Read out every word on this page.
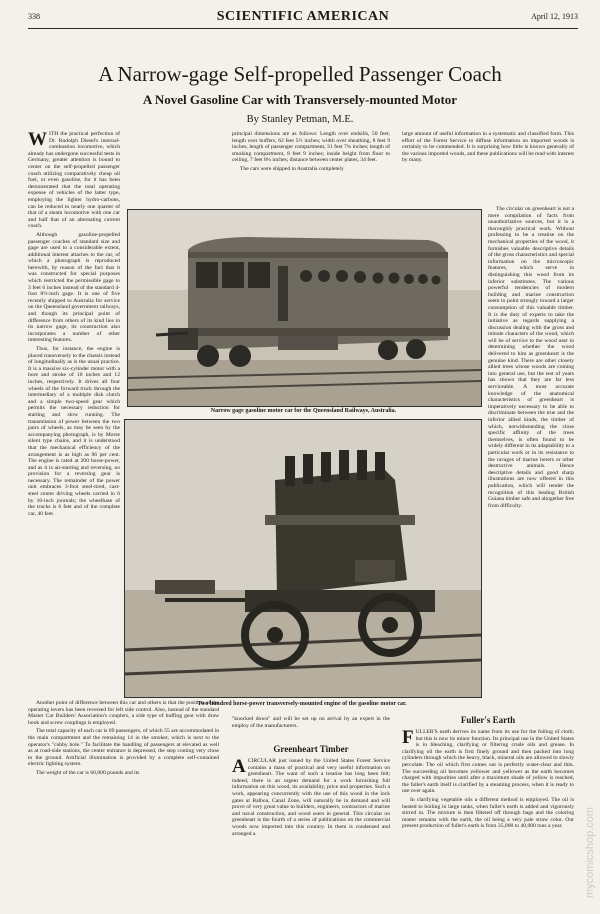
338	SCIENTIFIC AMERICAN	April 12, 1913
A Narrow-gage Self-propelled Passenger Coach
A Novel Gasoline Car with Transversely-mounted Motor
By Stanley Petman, M.E.

WITH the practical perfection of Dr. Rudolph Diesel's internal-combustion locomotive, which already has undergone successful tests in Germany, greater attention is bound to center on the self-propelled passenger coach utilizing comparatively cheap oil fuel, or even gasoline, for it has been demonstrated that the total operating expense of vehicles of the latter type, employing the lighter hydro-carbons, can be reduced to nearly one quarter of that of a steam locomotive with one car and half that of an alternating current coach.

Although gasoline-propelled passenger coaches of standard size and gage are used to a considerable extent, additional interest attaches to the car, of which a photograph is reproduced herewith, by reason of the fact that it was constructed for special purposes which restricted the permissible gage to 3 feet 6 inches instead of the standard 4-foot 8½-inch gage. It is one of five recently shipped to Australia for service on the Queensland government railways, and though its principal point of difference from others of its kind lies in its narrow gage, its construction also incorporates a number of other interesting features.

Thus, for instance, the engine is placed transversely to the chassis instead of longitudinally as is the usual practice. It is a massive six-cylinder motor with a bore and stroke of 10 inches and 12 inches, respectively. It drives all four wheels of the forward truck through the intermediary of a multiple disk clutch and a simple two-speed gear which permits the necessary reduction for starting and slow running. The transmission of power between the two pairs of wheels, as may be seen by the accompanying photograph, is by Morse silent type chains, and it is understood that the mechanical efficiency of the arrangement is as high as 96 per cent. The engine is rated at 200 horse-power, and as it is air-starting and reversing, no provision for a reversing gear is necessary. The remainder of the power unit embraces 3-foot steel-tired, cast-steel center driving wheels carried in 6 by 10-inch journals; the wheelbase of the trucks is 6 feet and of the complete car, 40 feet.

Another point of difference between this car and others is that the position of the operating levers has been reversed for left side control. Also, instead of the standard Master Car Builders' Association's couplers, a side type of buffing gear with draw hook and screw couplings is employed.

The total capacity of each car is 69 passengers, of which 55 are accommodated in the main compartment and the remaining 14 in the smoker, which is next to the operator's "cubby hole." To facilitate the handling of passengers at elevated as well as at road-side stations, the center entrance is depressed, the step coming very close to the ground. Artificial illumination is provided by a complete self-contained electric lighting system.

The weight of the car is 60,000 pounds and its

principal dimensions are as follows: Length over endsills, 50 feet; length over buffers, 62 feet 5½ inches; width over sheathing, 8 feet 9 inches; length of passenger compartment, 31 feet 7¾ inches; length of smoking compartment, 8 feet 9 inches; inside height from floor to ceiling, 7 feet 8¼ inches; distance between center plates, 34 feet.

The cars were shipped to Australia completely

large amount of useful information in a systematic and classified form. This effort of the Forest Service to diffuse information on imported woods is certainly to be commended. It is surprising how little is known generally of the various imported woods, and these publications will be read with interest by many.

The circular on greenheart is not a mere compilation of facts from unauthoritative sources, but it is a thoroughly practical work. Without professing to be a treatise on the mechanical properties of the wood, it furnishes valuable descriptive details of the gross characteristics and special information on the microscopic features, which serve in distinguishing this wood from its inferior substitutes. The various powerful tendencies of modern building and marine construction seem to point strongly toward a larger consumption of this valuable timber. It is the duty of experts to take the initiative as regards supplying a discussion dealing with the gross and minute characters of the wood, which will be of service to the wood user in determining whether the wood delivered to him as greenheart is the genuine kind. There are other closely allied trees whose woods are coming into general use, but the test of years has shown that they are far less serviceable. A most accurate knowledge of the anatomical characteristics of greenheart is imperatively necessary to be able to discriminate between the true and the inferior allied kinds, the timber of which, notwithstanding the close specific affinity of the trees themselves, is often found to be widely different in its adaptability to a particular work or in its resistance to the ravages of marine borers or other destructive animals. Hence descriptive details and good sharp illustrations are now offered in this publication, which will render the recognition of this leading British Guiana timber safe and altogether free from difficulty.

Narrow gage gasoline motor car for the Queensland Railways, Australia.
Two hundred horse-power transversely-mounted engine of the gasoline motor car.

"knocked down" and will be set up on arrival by an expert in the employ of the manufacturers.

Greenheart Timber

ACIRCULAR just issued by the United States Forest Service contains a mass of practical and very useful information on greenheart. The want of such a treatise has long been felt; indeed, there is an urgent demand for a work furnishing full information on this wood, its availability, price and properties. Such a work, appearing concurrently with the use of this wood in the lock gates at Balboa, Canal Zone, will naturally be in demand and will prove of very great value to builders, engineers, contractors of marine and naval construction, and wood users in general. This circular on greenheart is the fourth of a series of publications on the commercial woods now imported into this country. In them is condensed and arranged a

Fuller's Earth

FULLER'S earth derives its name from its use for the fulling of cloth; but this is now its minor function. Its principal use in the United States is in bleaching, clarifying or filtering crude oils and grease. In clarifying oil the earth is first finely ground and then packed into long cylinders through which the heavy, black, mineral oils are allowed to slowly percolate. The oil which first comes out is perfectly water-clear and thin. The succeeding oil becomes yellower and yellower as the earth becomes charged with impurities until after a maximum shade of yellow is reached, the fuller's earth itself is clarified by a steaming process, when it is ready to use over again.

In clarifying vegetable oils a different method is employed. The oil is heated to boiling in large tanks, when fuller's earth is added and vigorously stirred in. The mixture is then filtered off through bags and the coloring matter remains with the earth, the oil being a very pale straw color. Our present production of fuller's earth is from 35,000 to 40,000 tons a year.	mycomicshop.com
